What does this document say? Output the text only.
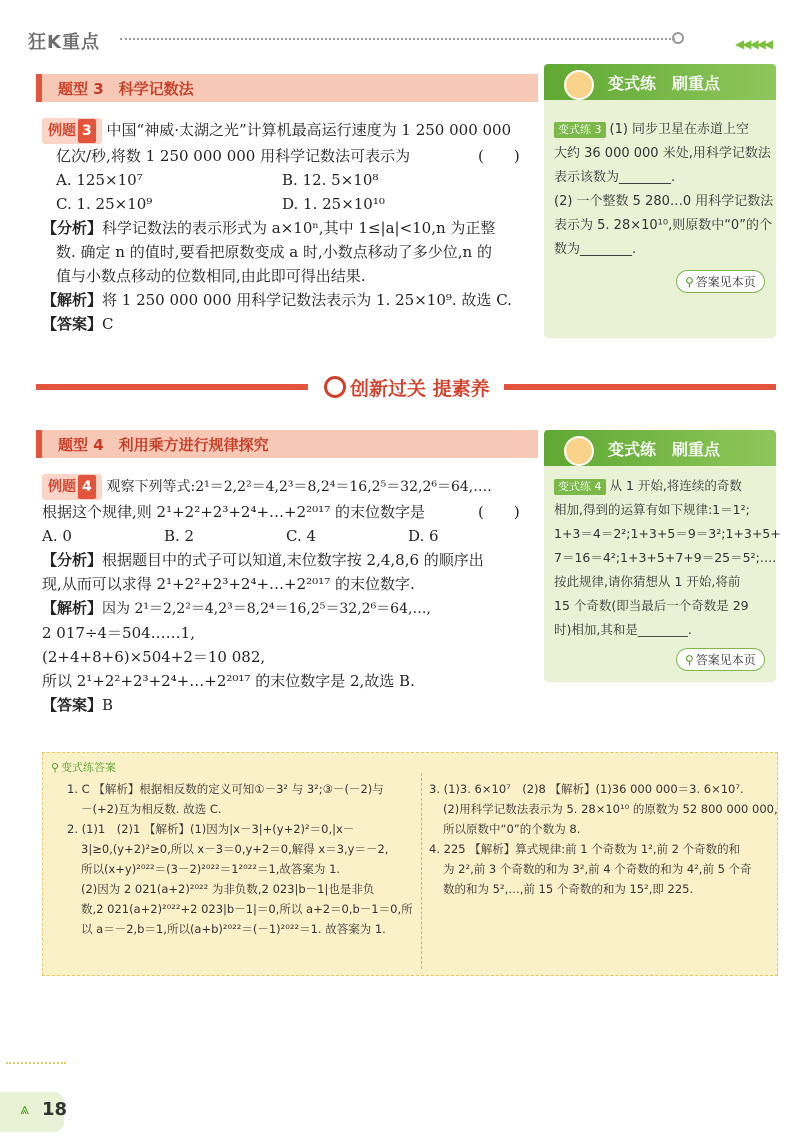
狂K重点	◀◀◀◀◀
题型 3　科学记数法
例题 3 中国“神威·太湖之光”计算机最高运行速度为 1 250 000 000
亿次/秒,将数 1 250 000 000 用科学记数法可表示为	(　　)
A. 125×10⁷	B. 12. 5×10⁸
C. 1. 25×10⁹	D. 1. 25×10¹⁰
【分析】科学记数法的表示形式为 a×10ⁿ,其中 1≤|a|<10,n 为正整
数. 确定 n 的值时,要看把原数变成 a 时,小数点移动了多少位,n 的
值与小数点移动的位数相同,由此即可得出结果.
【解析】将 1 250 000 000 用科学记数法表示为 1. 25×10⁹. 故选 C.
【答案】C
变式练　刷重点
变式练 3 (1) 同步卫星在赤道上空
大约 36 000 000 米处,用科学记数法
表示该数为________.
(2) 一个整数 5 280…0 用科学记数法
表示为 5. 28×10¹⁰,则原数中“0”的个
数为________.
⚲ 答案见本页
创新过关 提素养
题型 4　利用乘方进行规律探究
例题 4 观察下列等式:2¹＝2,2²＝4,2³＝8,2⁴＝16,2⁵＝32,2⁶＝64,….
根据这个规律,则 2¹+2²+2³+2⁴+…+2²⁰¹⁷ 的末位数字是	(　　)
A. 0	B. 2	C. 4	D. 6
【分析】根据题目中的式子可以知道,末位数字按 2,4,8,6 的顺序出
现,从而可以求得 2¹+2²+2³+2⁴+…+2²⁰¹⁷ 的末位数字.
【解析】因为 2¹＝2,2²＝4,2³＝8,2⁴＝16,2⁵＝32,2⁶＝64,…,
2 017÷4＝504……1,
(2+4+8+6)×504+2＝10 082,
所以 2¹+2²+2³+2⁴+…+2²⁰¹⁷ 的末位数字是 2,故选 B.
【答案】B
变式练　刷重点
变式练 4 从 1 开始,将连续的奇数
相加,得到的运算有如下规律:1＝1²;
1+3＝4＝2²;1+3+5＝9＝3²;1+3+5+
7＝16＝4²;1+3+5+7+9＝25＝5²;….
按此规律,请你猜想从 1 开始,将前
15 个奇数(即当最后一个奇数是 29
时)相加,其和是________.
⚲ 答案见本页
⚲ 变式练答案
1. C 【解析】根据相反数的定义可知①－3² 与 3²;③－(－2)与
－(+2)互为相反数. 故选 C.
2. (1)1　(2)1 【解析】(1)因为|x－3|+(y+2)²＝0,|x－
3|≥0,(y+2)²≥0,所以 x－3＝0,y+2＝0,解得 x＝3,y＝－2,
所以(x+y)²⁰²²＝(3－2)²⁰²²＝1²⁰²²＝1,故答案为 1.
(2)因为 2 021(a+2)²⁰²² 为非负数,2 023|b－1|也是非负
数,2 021(a+2)²⁰²²+2 023|b－1|＝0,所以 a+2＝0,b－1＝0,所
以 a＝－2,b＝1,所以(a+b)²⁰²²＝(－1)²⁰²²＝1. 故答案为 1.
3. (1)3. 6×10⁷　(2)8 【解析】(1)36 000 000＝3. 6×10⁷.
(2)用科学记数法表示为 5. 28×10¹⁰ 的原数为 52 800 000 000,
所以原数中“0”的个数为 8.
4. 225 【解析】算式规律:前 1 个奇数为 1²,前 2 个奇数的和
为 2²,前 3 个奇数的和为 3²,前 4 个奇数的和为 4²,前 5 个奇
数的和为 5²,…,前 15 个奇数的和为 15²,即 225.
⩓ 18
